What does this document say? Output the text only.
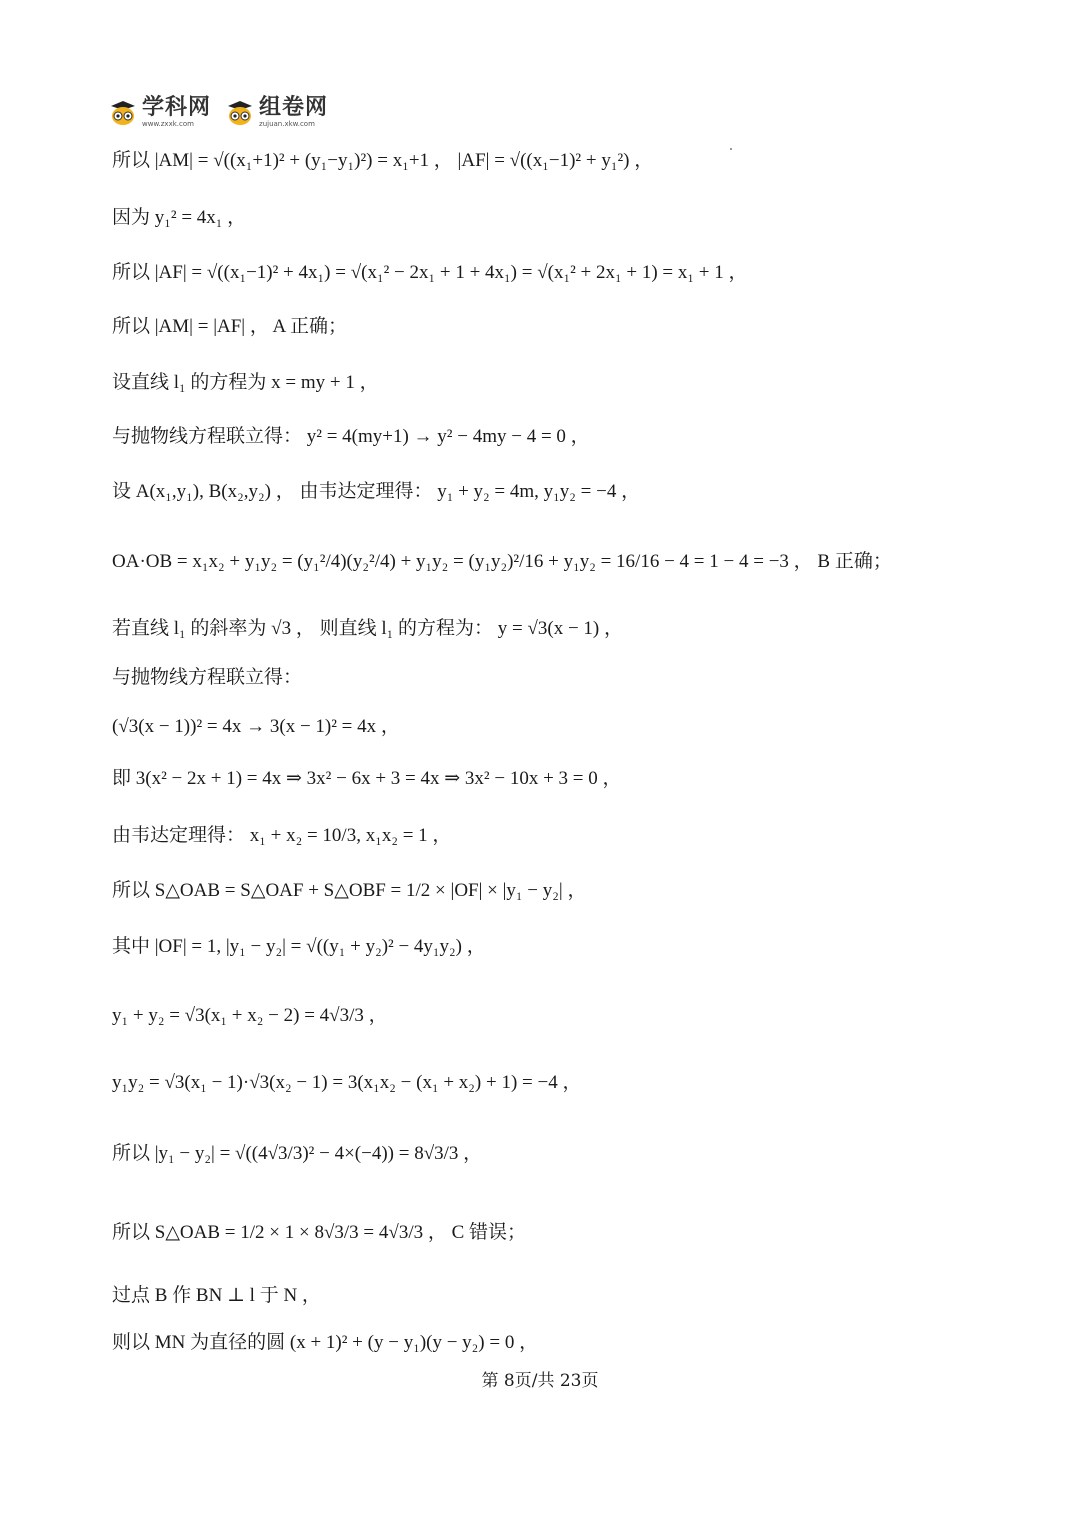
学科网
www.zxxk.com
组卷网
zujuan.xkw.com
所以 |AM| = √((x₁+1)² + (y₁−y₁)²) = x₁+1 ， |AF| = √((x₁−1)² + y₁²) ，
因为 y₁² = 4x₁ ，
所以 |AF| = √((x₁−1)² + 4x₁) = √(x₁² − 2x₁ + 1 + 4x₁) = √(x₁² + 2x₁ + 1) = x₁ + 1 ，
所以 |AM| = |AF| ， A 正确；
设直线 l₁ 的方程为 x = my + 1 ，
与抛物线方程联立得： y² = 4(my+1) → y² − 4my − 4 = 0 ，
设 A(x₁,y₁), B(x₂,y₂) ， 由韦达定理得： y₁ + y₂ = 4m, y₁y₂ = −4 ，
OA·OB = x₁x₂ + y₁y₂ = (y₁²/4)(y₂²/4) + y₁y₂ = (y₁y₂)²/16 + y₁y₂ = 16/16 − 4 = 1 − 4 = −3 ， B 正确；
若直线 l₁ 的斜率为 √3 ， 则直线 l₁ 的方程为： y = √3(x − 1) ，
与抛物线方程联立得：
(√3(x − 1))² = 4x → 3(x − 1)² = 4x ，
即 3(x² − 2x + 1) = 4x ⇒ 3x² − 6x + 3 = 4x ⇒ 3x² − 10x + 3 = 0 ，
由韦达定理得： x₁ + x₂ = 10/3, x₁x₂ = 1 ，
所以 S△OAB = S△OAF + S△OBF = 1/2 × |OF| × |y₁ − y₂| ，
其中 |OF| = 1, |y₁ − y₂| = √((y₁ + y₂)² − 4y₁y₂) ，
y₁ + y₂ = √3(x₁ + x₂ − 2) = 4√3/3 ，
y₁y₂ = √3(x₁ − 1)·√3(x₂ − 1) = 3(x₁x₂ − (x₁ + x₂) + 1) = −4 ，
所以 |y₁ − y₂| = √((4√3/3)² − 4×(−4)) = 8√3/3 ，
所以 S△OAB = 1/2 × 1 × 8√3/3 = 4√3/3 ， C 错误；
过点 B 作 BN ⊥ l 于 N ，
则以 MN 为直径的圆 (x + 1)² + (y − y₁)(y − y₂) = 0 ，
第 8页/共 23页
